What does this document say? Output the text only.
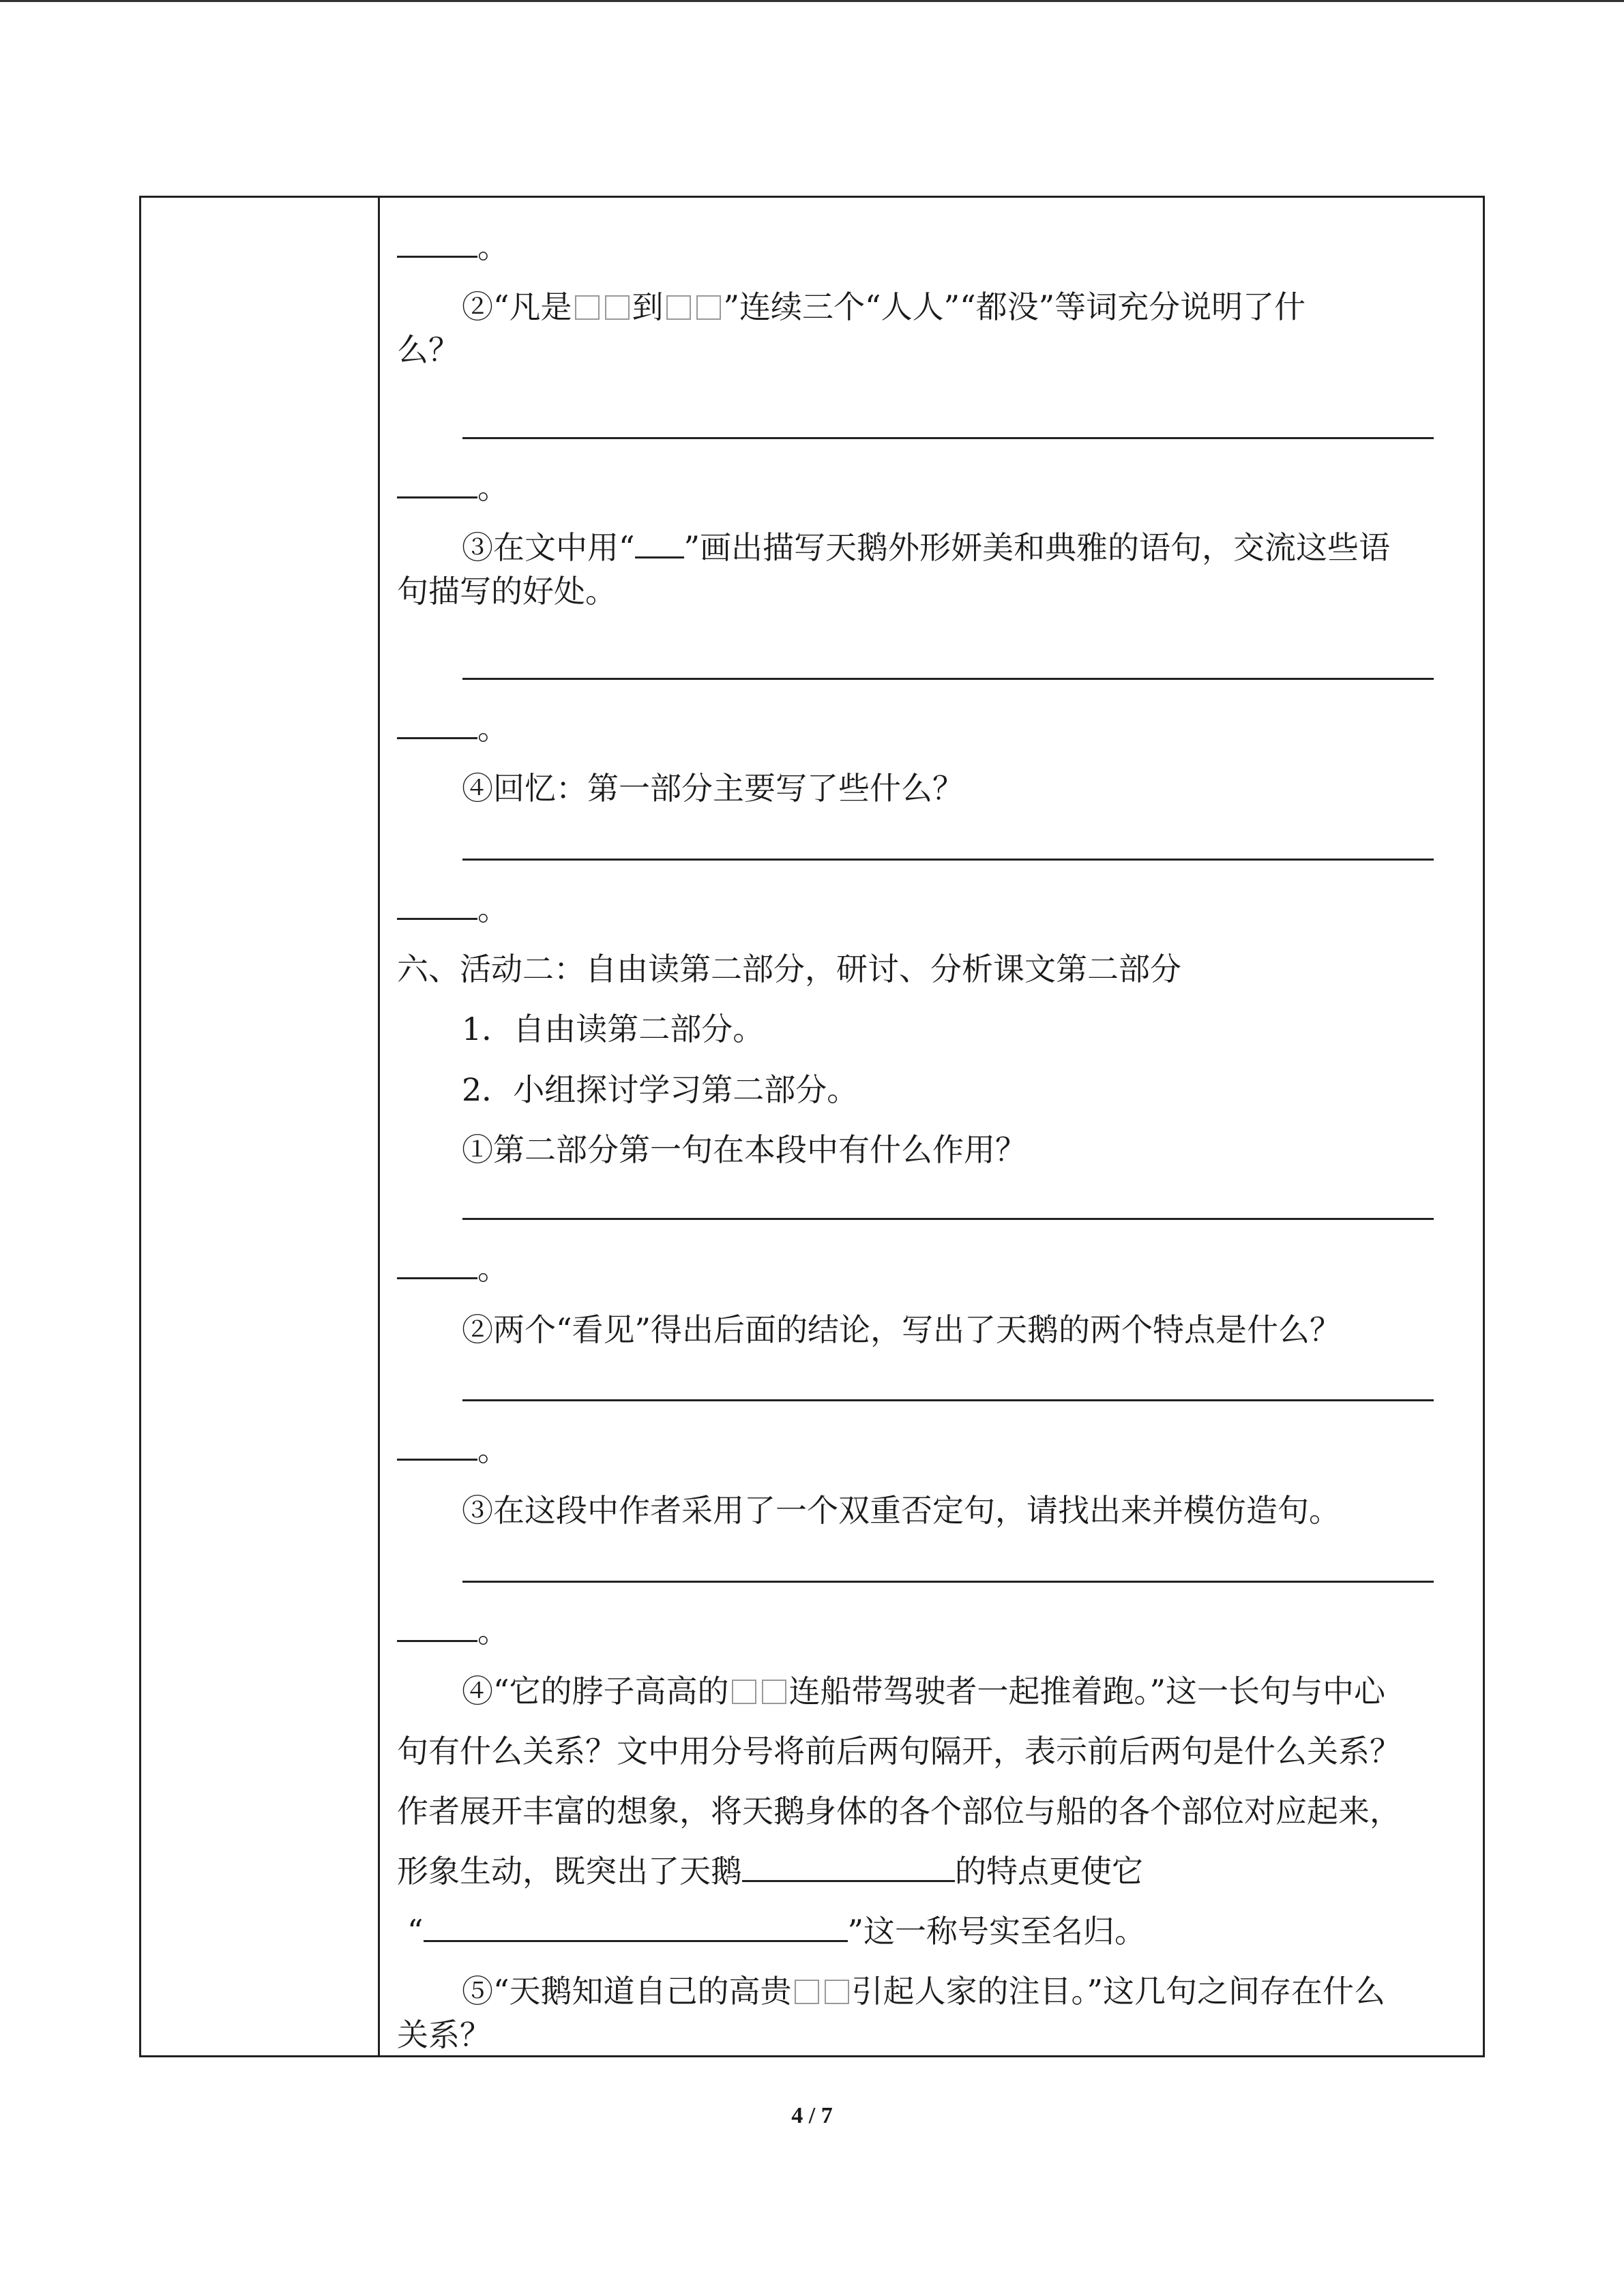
。
②“凡是 到 ”连续三个“人人”“都没”等词充分说明了什
么？
。
③在文中用“ ”画出描写天鹅外形妍美和典雅的语句，交流这些语
句描写的好处。
。
④回忆：第一部分主要写了些什么？
。
六、活动二：自由读第二部分，研讨、分析课文第二部分
1．自由读第二部分。
2．小组探讨学习第二部分。
①第二部分第一句在本段中有什么作用？
。
②两个“看见”得出后面的结论，写出了天鹅的两个特点是什么？
。
③在这段中作者采用了一个双重否定句，请找出来并模仿造句。
。
④“它的脖子高高的 连船带驾驶者一起推着跑。”这一长句与中心
句有什么关系？文中用分号将前后两句隔开，表示前后两句是什么关系？
作者展开丰富的想象，将天鹅身体的各个部位与船的各个部位对应起来，
形象生动，既突出了天鹅	的特点更使它
“	”这一称号实至名归。
⑤“天鹅知道自己的高贵 引起人家的注目。”这几句之间存在什么
关系？
4 / 7
